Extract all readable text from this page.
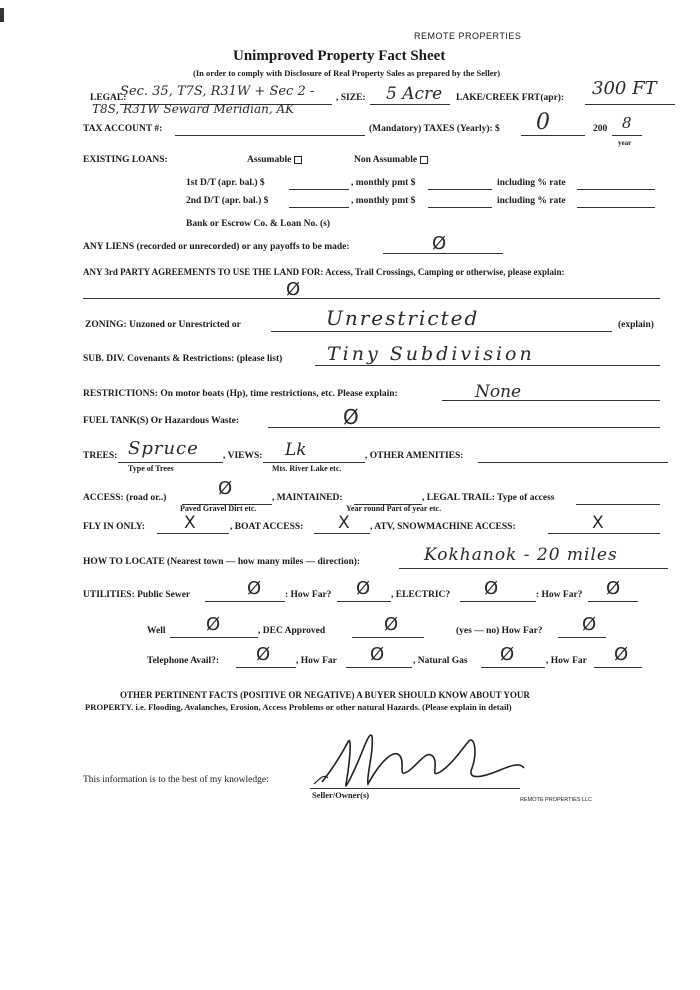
REMOTE PROPERTIES
Unimproved Property Fact Sheet
(In order to comply with Disclosure of Real Property Sales as prepared by the Seller)
LEGAL:
Sec. 35, T7S, R31W + Sec 2 -
T8S, R31W Seward Meridian, AK
, SIZE: 5 Acre LAKE/CREEK FRT(apr): 300 FT
TAX ACCOUNT #:	(Mandatory) TAXES (Yearly): $ 0	200 8
year
EXISTING LOANS:	Assumable	Non Assumable
1st D/T (apr. bal.) $	, monthly pmt $	including % rate
2nd D/T (apr. bal.) $	, monthly pmt $	including % rate
Bank or Escrow Co. & Loan No. (s)
ANY LIENS (recorded or unrecorded) or any payoffs to be made:	Ø
ANY 3rd PARTY AGREEMENTS TO USE THE LAND FOR: Access, Trail Crossings, Camping or otherwise, please explain:
Ø
ZONING: Unzoned or Unrestricted or	Unrestricted	(explain)
SUB. DIV. Covenants & Restrictions: (please list) Tiny Subdivision
RESTRICTIONS: On motor boats (Hp), time restrictions, etc. Please explain:	None
FUEL TANK(S) Or Hazardous Waste:	Ø
TREES: Spruce
Type of Trees
, VIEWS: Lk
Mts. River Lake etc.
, OTHER AMENITIES:
ACCESS: (road or..)	Ø
Paved Gravel Dirt etc.
, MAINTAINED:
Year round Part of year etc.
, LEGAL TRAIL: Type of access
FLY IN ONLY: X	, BOAT ACCESS: X , ATV, SNOWMACHINE ACCESS:	X
HOW TO LOCATE (Nearest town — how many miles — direction):	Kokhanok - 20 miles
UTILITIES: Public Sewer	Ø	: How Far? Ø , ELECTRIC? Ø	: How Far? Ø
Well Ø	, DEC Approved	Ø	(yes — no) How Far? Ø
Telephone Avail?: Ø	, How Far Ø	, Natural Gas Ø	, How Far Ø
OTHER PERTINENT FACTS (POSITIVE OR NEGATIVE) A BUYER SHOULD KNOW ABOUT YOUR
PROPERTY. i.e. Flooding, Avalanches, Erosion, Access Problems or other natural Hazards. (Please explain in detail)
This information is to the best of my knowledge:
Seller/Owner(s)	REMOTE PROPERTIES LLC
